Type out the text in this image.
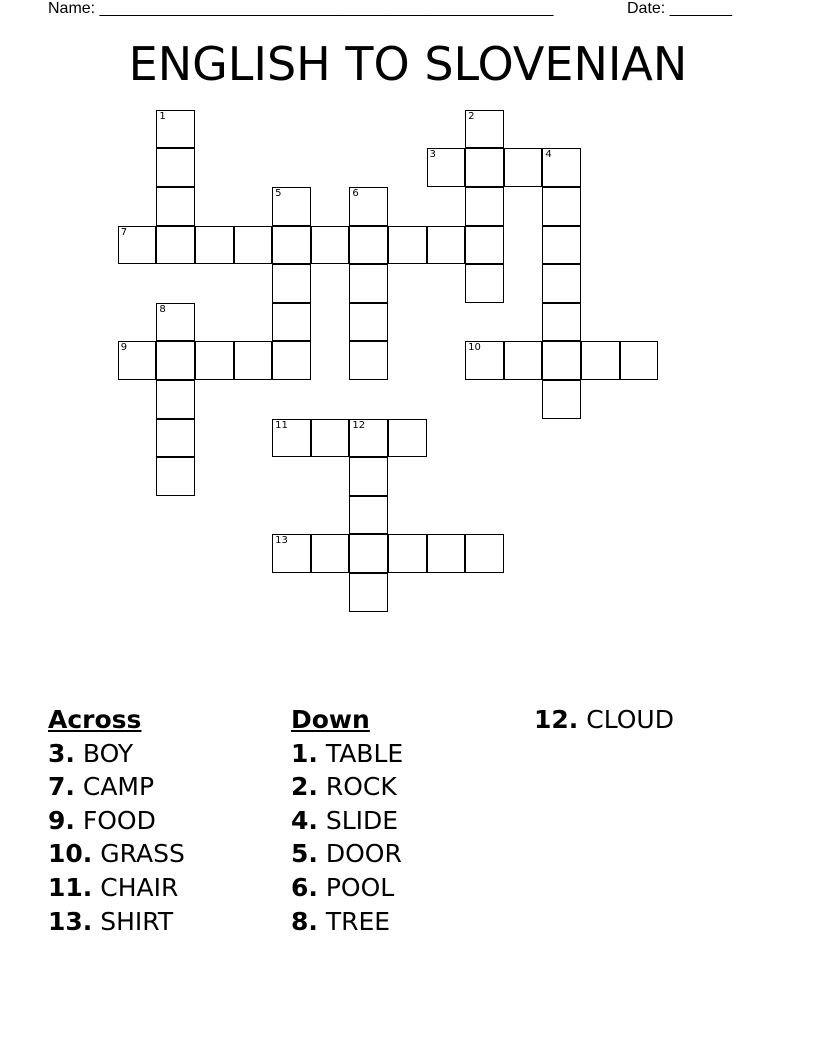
Name: ___________________________________________________	Date: _______
ENGLISH TO SLOVENIAN
1	2
3	4
5	6
7
8
9	10
11	12
13
Across
3. BOY
7. CAMP
9. FOOD
10. GRASS
11. CHAIR
13. SHIRT
Down
1. TABLE
2. ROCK
4. SLIDE
5. DOOR
6. POOL
8. TREE
12. CLOUD
